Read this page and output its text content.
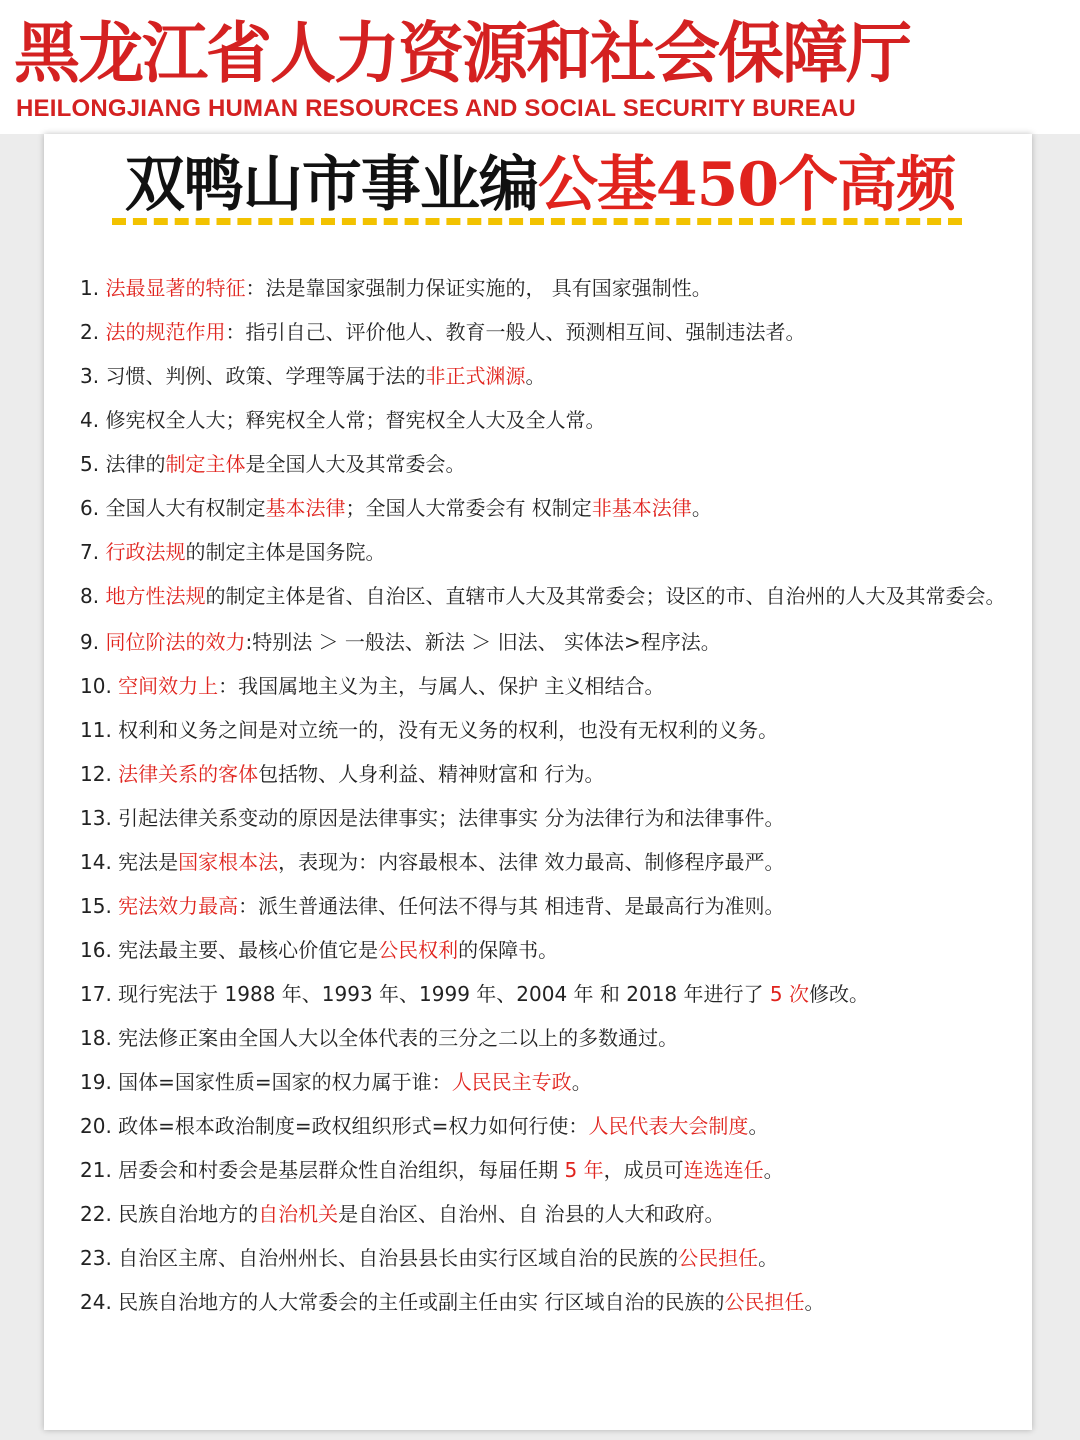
黑龙江省人力资源和社会保障厅
HEILONGJIANG HUMAN RESOURCES AND SOCIAL SECURITY BUREAU
双鸭山市事业编公基450个高频
1. 法最显著的特征：法是靠国家强制力保证实施的， 具有国家强制性。
2. 法的规范作用：指引自己、评价他人、教育一般人、预测相互间、强制违法者。
3. 习惯、判例、政策、学理等属于法的非正式渊源。
4. 修宪权全人大；释宪权全人常；督宪权全人大及全人常。
5. 法律的制定主体是全国人大及其常委会。
6. 全国人大有权制定基本法律；全国人大常委会有 权制定非基本法律。
7. 行政法规的制定主体是国务院。
8. 地方性法规的制定主体是省、自治区、直辖市人大及其常委会；设区的市、自治州的人大及其常委会。
9. 同位阶法的效力:特别法 ＞ 一般法、新法 ＞ 旧法、 实体法>程序法。
10. 空间效力上：我国属地主义为主，与属人、保护 主义相结合。
11. 权利和义务之间是对立统一的，没有无义务的权利，也没有无权利的义务。
12. 法律关系的客体包括物、人身利益、精神财富和 行为。
13. 引起法律关系变动的原因是法律事实；法律事实 分为法律行为和法律事件。
14. 宪法是国家根本法，表现为：内容最根本、法律 效力最高、制修程序最严。
15. 宪法效力最高：派生普通法律、任何法不得与其 相违背、是最高行为准则。
16. 宪法最主要、最核心价值它是公民权利的保障书。
17. 现行宪法于 1988 年、1993 年、1999 年、2004 年 和 2018 年进行了 5 次修改。
18. 宪法修正案由全国人大以全体代表的三分之二以上的多数通过。
19. 国体=国家性质=国家的权力属于谁：人民民主专政。
20. 政体=根本政治制度=政权组织形式=权力如何行使：人民代表大会制度。
21. 居委会和村委会是基层群众性自治组织，每届任期 5 年，成员可连选连任。
22. 民族自治地方的自治机关是自治区、自治州、自 治县的人大和政府。
23. 自治区主席、自治州州长、自治县县长由实行区域自治的民族的公民担任。
24. 民族自治地方的人大常委会的主任或副主任由实 行区域自治的民族的公民担任。
